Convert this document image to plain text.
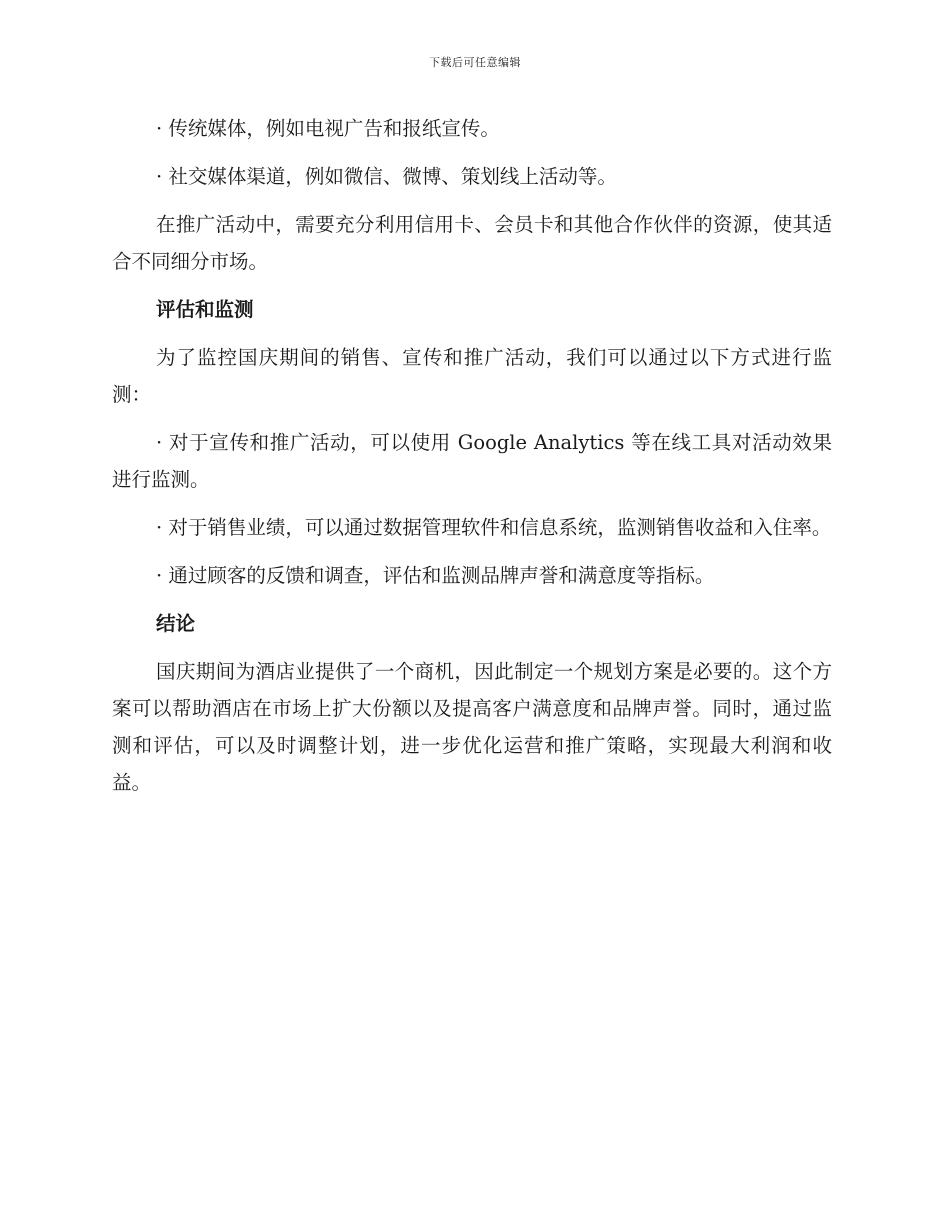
下载后可任意编辑

· 传统媒体，例如电视广告和报纸宣传。

· 社交媒体渠道，例如微信、微博、策划线上活动等。

在推广活动中，需要充分利用信用卡、会员卡和其他合作伙伴的资源，使其适合不同细分市场。

评估和监测

为了监控国庆期间的销售、宣传和推广活动，我们可以通过以下方式进行监测：

· 对于宣传和推广活动，可以使用 Google Analytics 等在线工具对活动效果进行监测。

· 对于销售业绩，可以通过数据管理软件和信息系统，监测销售收益和入住率。

· 通过顾客的反馈和调查，评估和监测品牌声誉和满意度等指标。

结论

国庆期间为酒店业提供了一个商机，因此制定一个规划方案是必要的。这个方案可以帮助酒店在市场上扩大份额以及提高客户满意度和品牌声誉。同时，通过监测和评估，可以及时调整计划，进一步优化运营和推广策略，实现最大利润和收益。
